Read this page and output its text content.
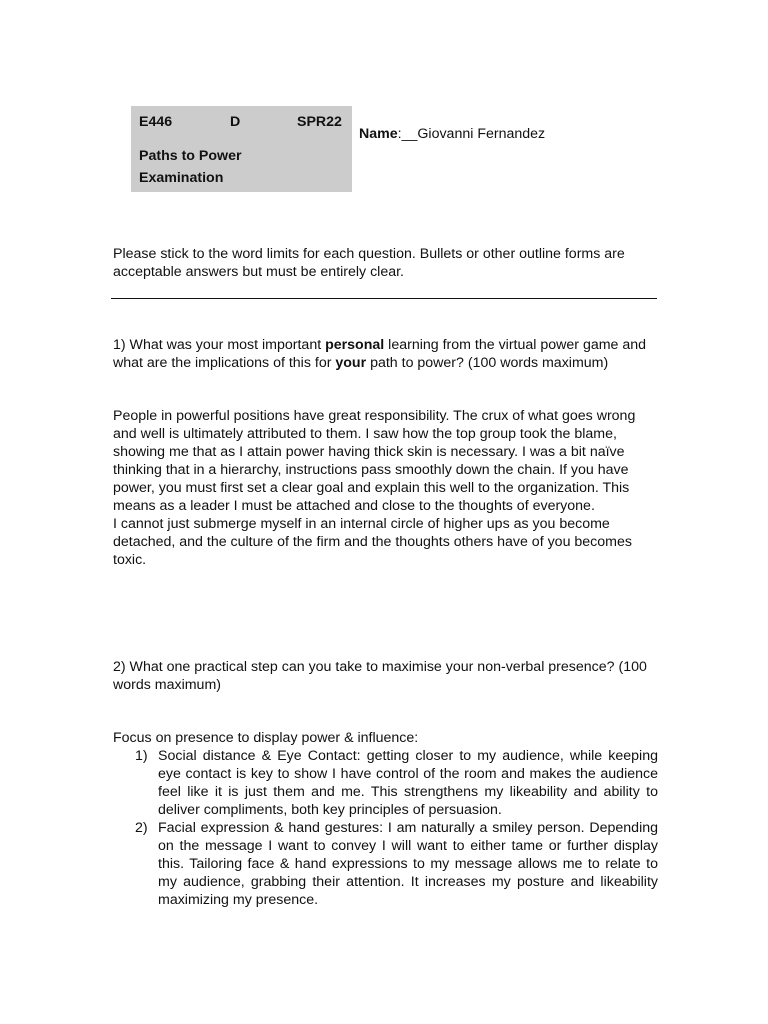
E446	D	SPR22
Paths to Power
Examination
Name:__Giovanni Fernandez
Please stick to the word limits for each question. Bullets or other outline forms are acceptable answers but must be entirely clear.
1) What was your most important personal learning from the virtual power game and what are the implications of this for your path to power? (100 words maximum)
People in powerful positions have great responsibility. The crux of what goes wrong and well is ultimately attributed to them. I saw how the top group took the blame, showing me that as I attain power having thick skin is necessary. I was a bit naïve thinking that in a hierarchy, instructions pass smoothly down the chain. If you have power, you must first set a clear goal and explain this well to the organization. This means as a leader I must be attached and close to the thoughts of everyone.
I cannot just submerge myself in an internal circle of higher ups as you become detached, and the culture of the firm and the thoughts others have of you becomes toxic.
2) What one practical step can you take to maximise your non-verbal presence? (100 words maximum)
Focus on presence to display power & influence:
1) Social distance & Eye Contact: getting closer to my audience, while keeping eye contact is key to show I have control of the room and makes the audience feel like it is just them and me. This strengthens my likeability and ability to deliver compliments, both key principles of persuasion.
2) Facial expression & hand gestures: I am naturally a smiley person. Depending on the message I want to convey I will want to either tame or further display this. Tailoring face & hand expressions to my message allows me to relate to my audience, grabbing their attention. It increases my posture and likeability maximizing my presence.
